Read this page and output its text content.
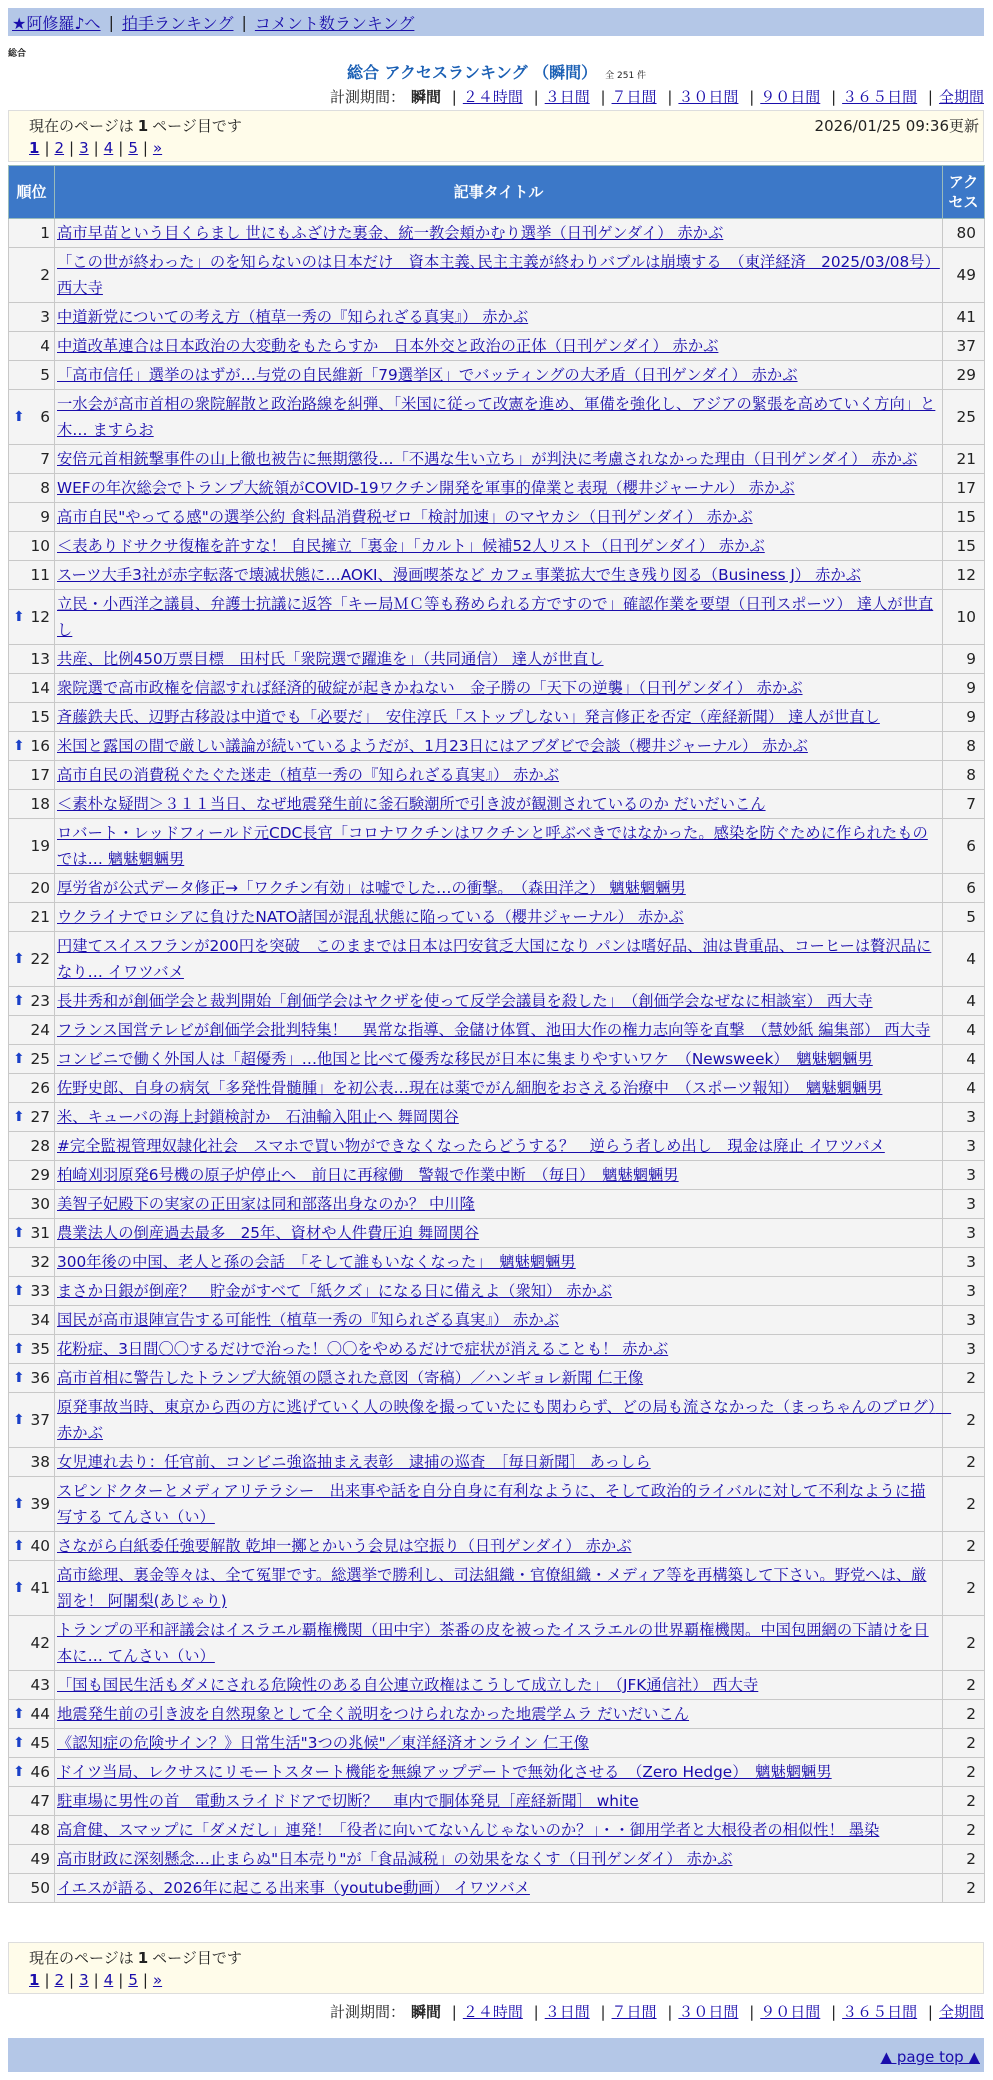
★阿修羅♪へ | 拍手ランキング | コメント数ランキング
総合
総合 アクセスランキング （瞬間） 全 251 件
計測期間： 瞬間 | ２４時間 | ３日間 | ７日間 | ３０日間 | ９０日間 | ３６５日間 | 全期間
現在のページは 1 ページ目です	2026/01/25 09:36更新
1 | 2 | 3 | 4 | 5 | »
順位	記事タイトル	アクセス
1	高市早苗という目くらまし 世にもふざけた裏金、統一教会頬かむり選挙（日刊ゲンダイ） 赤かぶ	80
2	「この世が終わった」のを知らないのは日本だけ　資本主義､民主主義が終わりバブルは崩壊する　（東洋経済　2025/03/08号） 西大寺	49
3	中道新党についての考え方（植草一秀の『知られざる真実』） 赤かぶ	41
4	中道改革連合は日本政治の大変動をもたらすか　日本外交と政治の正体（日刊ゲンダイ） 赤かぶ	37
5	「高市信任」選挙のはずが…与党の自民維新「79選挙区」でバッティングの大矛盾（日刊ゲンダイ） 赤かぶ	29

⬆ 6	一水会が高市首相の衆院解散と政治路線を糾弾、「米国に従って改憲を進め、軍備を強化し、アジアの緊張を高めていく方向」と木… ますらお	25
7	安倍元首相銃撃事件の山上徹也被告に無期懲役…「不遇な生い立ち」が判決に考慮されなかった理由（日刊ゲンダイ） 赤かぶ	21
8	WEFの年次総会でトランプ大統領がCOVID-19ワクチン開発を軍事的偉業と表現（櫻井ジャーナル） 赤かぶ	17
9	高市自民"やってる感"の選挙公約 食料品消費税ゼロ「検討加速」のマヤカシ（日刊ゲンダイ） 赤かぶ	15
10	＜表ありドサクサ復権を許すな！ 自民擁立「裏金」「カルト」候補52人リスト（日刊ゲンダイ） 赤かぶ	15
11	スーツ大手3社が赤字転落で壊滅状態に…AOKI、漫画喫茶など カフェ事業拡大で生き残り図る（Business J） 赤かぶ	12

⬆ 12	立民・小西洋之議員、弁護士抗議に返答「キー局ＭＣ等も務められる方ですので」確認作業を要望（日刊スポーツ） 達人が世直し	10
13	共産、比例450万票目標　田村氏「衆院選で躍進を」（共同通信） 達人が世直し	9
14	衆院選で高市政権を信認すれば経済的破綻が起きかねない　金子勝の「天下の逆襲」（日刊ゲンダイ） 赤かぶ	9
15	斉藤鉄夫氏、辺野古移設は中道でも「必要だ」　安住淳氏「ストップしない」発言修正を否定（産経新聞） 達人が世直し	9

⬆ 16	米国と露国の間で厳しい議論が続いているようだが、1月23日にはアブダビで会談（櫻井ジャーナル） 赤かぶ	8
17	高市自民の消費税ぐたぐた迷走（植草一秀の『知られざる真実』） 赤かぶ	8
18	＜素朴な疑問＞３１１当日、なぜ地震発生前に釜石験潮所で引き波が観測されているのか だいだいこん	7
19	ロバート・レッドフィールド元CDC長官「コロナワクチンはワクチンと呼ぶべきではなかった。感染を防ぐために作られたものでは… 魑魅魍魎男	6
20	厚労省が公式データ修正→「ワクチン有効」は嘘でした…の衝撃。　（森田洋之） 魑魅魍魎男	6
21	ウクライナでロシアに負けたNATO諸国が混乱状態に陥っている（櫻井ジャーナル） 赤かぶ	5

⬆ 22	円建てスイスフランが200円を突破　このままでは日本は円安貧乏大国になり パンは嗜好品、油は貴重品、コーヒーは贅沢品になり… イワツバメ	4

⬆ 23	長井秀和が創価学会と裁判開始「創価学会はヤクザを使って反学会議員を殺した」　（創価学会なぜなに相談室） 西大寺	4
24	フランス国営テレビが創価学会批判特集！　異常な指導、金儲け体質、池田大作の権力志向等を直撃　（慧妙紙 編集部） 西大寺	4

⬆ 25	コンビニで働く外国人は「超優秀」…他国と比べて優秀な移民が日本に集まりやすいワケ　（Newsweek）　魑魅魍魎男	4
26	佐野史郎、自身の病気「多発性骨髄腫」を初公表…現在は薬でがん細胞をおさえる治療中　（スポーツ報知）　魑魅魍魎男	4

⬆ 27	米、キューバの海上封鎖検討か　石油輸入阻止へ 舞岡関谷	3
28	#完全監視管理奴隷化社会　スマホで買い物ができなくなったらどうする？　逆らう者しめ出し　現金は廃止 イワツバメ	3
29	柏崎刈羽原発6号機の原子炉停止へ　前日に再稼働　警報で作業中断　（毎日）　魑魅魍魎男	3
30	美智子妃殿下の実家の正田家は同和部落出身なのか？ 中川隆	3

⬆ 31	農業法人の倒産過去最多　25年、資材や人件費圧迫 舞岡関谷	3
32	300年後の中国、老人と孫の会話　「そして誰もいなくなった」　魑魅魍魎男	3

⬆ 33	まさか日銀が倒産？　貯金がすべて「紙クズ」になる日に備えよ（衆知） 赤かぶ	3
34	国民が高市退陣宣告する可能性（植草一秀の『知られざる真実』） 赤かぶ	3

⬆ 35	花粉症、3日間〇〇するだけで治った！〇〇をやめるだけで症状が消えることも！ 赤かぶ	3

⬆ 36	高市首相に警告したトランプ大統領の隠された意図（寄稿）／ハンギョレ新聞 仁王像	2

⬆ 37	原発事故当時、東京から西の方に逃げていく人の映像を撮っていたにも関わらず、どの局も流さなかった（まっちゃんのブログ）　赤かぶ	2
38	女児連れ去り：任官前、コンビニ強盗抽まえ表彰　逮捕の巡査　［毎日新聞］ あっしら	2

⬆ 39	スピンドクターとメディアリテラシー　出来事や話を自分自身に有利なように、そして政治的ライバルに対して不利なように描写する てんさい（い）	2

⬆ 40	さながら白紙委任強要解散 乾坤一擲とかいう会見は空振り（日刊ゲンダイ） 赤かぶ	2

⬆ 41	高市総理、裏金等々は、全て冤罪です。総選挙で勝利し、司法組織・官僚組織・メディア等を再構築して下さい。野党へは、厳罰を！ 阿闍梨(あじゃり)	2
42	トランプの平和評議会はイスラエル覇権機関（田中宇）茶番の皮を被ったイスラエルの世界覇権機関。中国包囲網の下請けを日本に… てんさい（い）	2
43	「国も国民生活もダメにされる危険性のある自公連立政権はこうして成立した」　（JFK通信社） 西大寺	2

⬆ 44	地震発生前の引き波を自然現象として全く説明をつけられなかった地震学ムラ だいだいこん	2

⬆ 45	《認知症の危険サイン？》日常生活"3つの兆候"／東洋経済オンライン 仁王像	2

⬆ 46	ドイツ当局、レクサスにリモートスタート機能を無線アップデートで無効化させる　（Zero Hedge）　魑魅魍魎男	2
47	駐車場に男性の首　電動スライドドアで切断？　車内で胴体発見［産経新聞］ white	2
48	高倉健、スマップに「ダメだし」連発！「役者に向いてないんじゃないのか？」・・御用学者と大根役者の相似性！ 墨染	2
49	高市財政に深刻懸念…止まらぬ"日本売り"が「食品減税」の効果をなくす（日刊ゲンダイ） 赤かぶ	2
50	イエスが語る、2026年に起こる出来事（youtube動画） イワツバメ	2
現在のページは 1 ページ目です
1 | 2 | 3 | 4 | 5 | »
計測期間： 瞬間 | ２４時間 | ３日間 | ７日間 | ３０日間 | ９０日間 | ３６５日間 | 全期間
▲ page top ▲
